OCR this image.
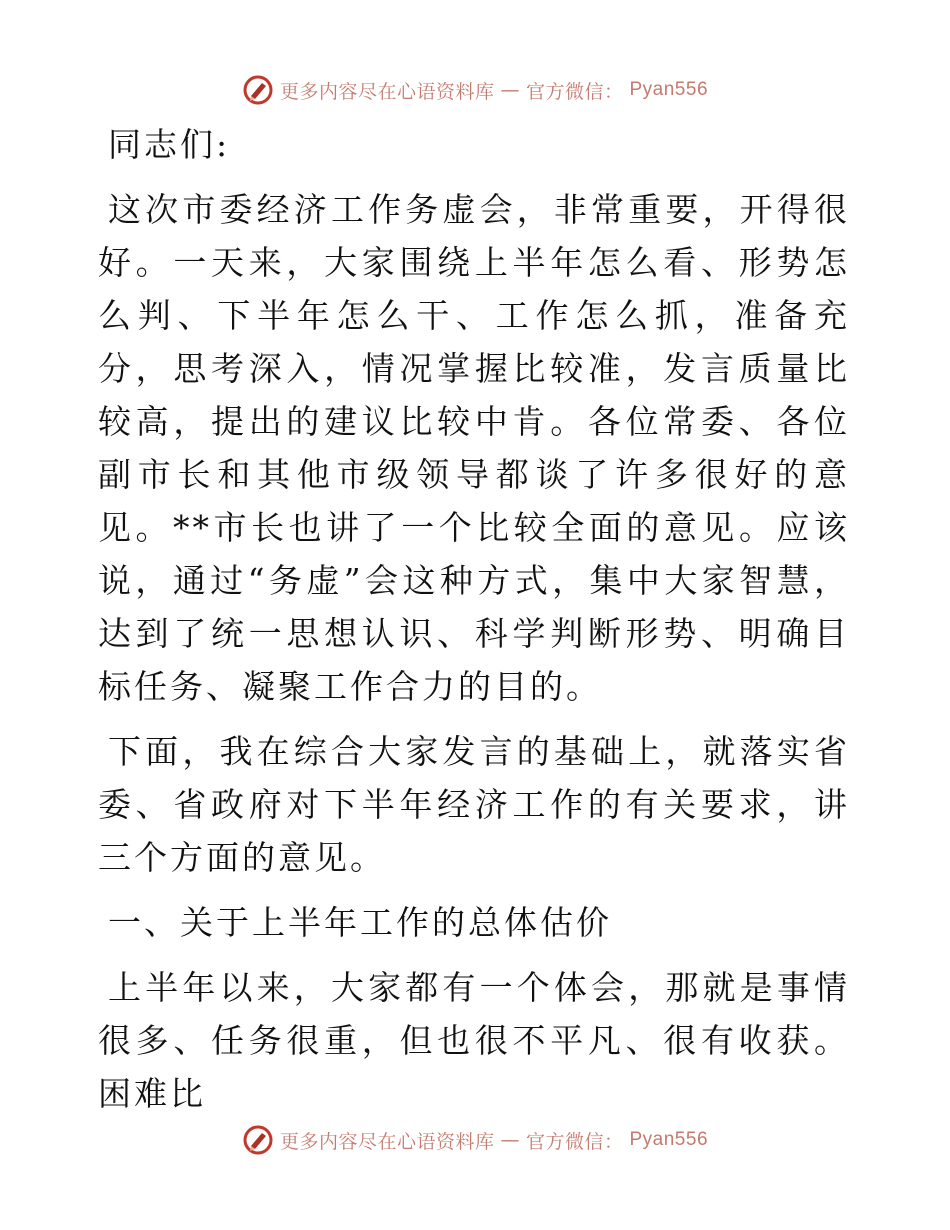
更多内容尽在心语资料库 — 官方微信： Pyan556

同志们:

这次市委经济工作务虚会，非常重要，开得很好。一天来，大家围绕上半年怎么看、形势怎么判、下半年怎么干、工作怎么抓，准备充分，思考深入，情况掌握比较准，发言质量比较高，提出的建议比较中肯。各位常委、各位副市长和其他市级领导都谈了许多很好的意见。**市长也讲了一个比较全面的意见。应该说，通过“务虚”会这种方式，集中大家智慧，达到了统一思想认识、科学判断形势、明确目标任务、凝聚工作合力的目的。

下面，我在综合大家发言的基础上，就落实省委、省政府对下半年经济工作的有关要求，讲三个方面的意见。

一、关于上半年工作的总体估价

上半年以来，大家都有一个体会，那就是事情很多、任务很重，但也很不平凡、很有收获。困难比

更多内容尽在心语资料库 — 官方微信： Pyan556
